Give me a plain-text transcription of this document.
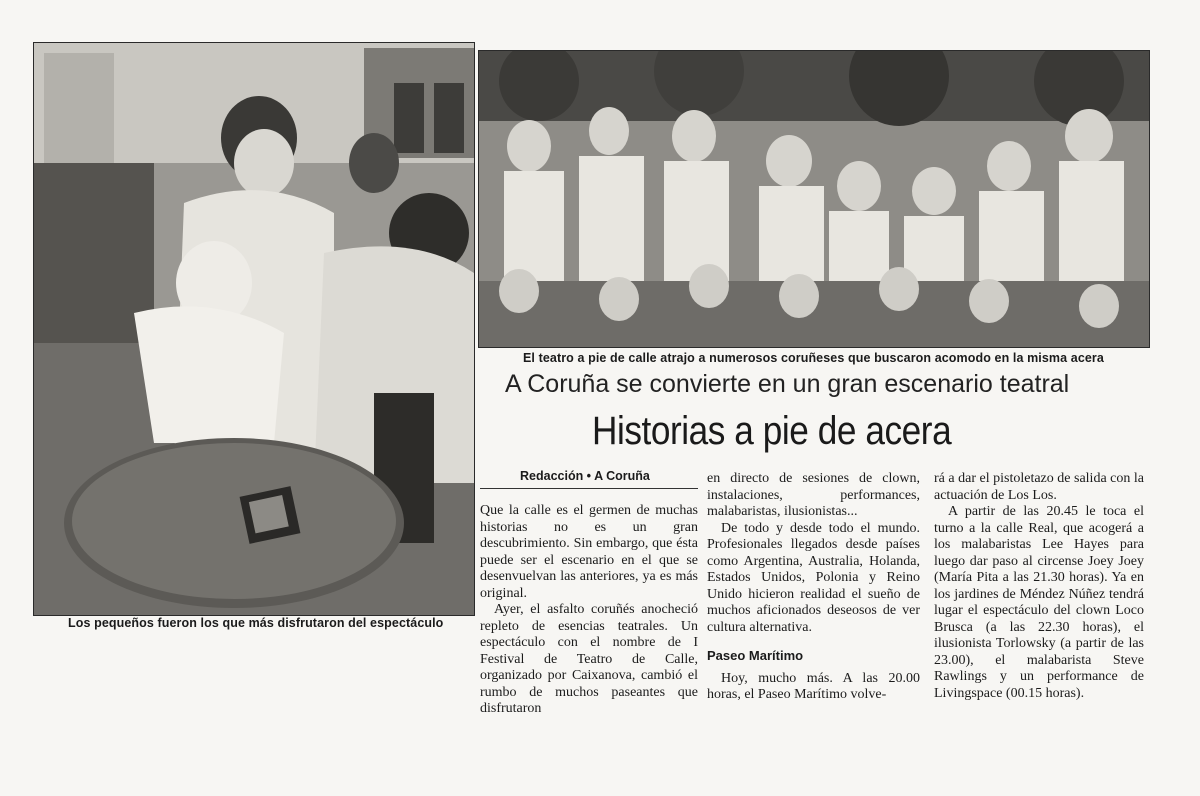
Los pequeños fueron los que más disfrutaron del espectáculo
El teatro a pie de calle atrajo a numerosos coruñeses que buscaron acomodo en la misma acera
A Coruña se convierte en un gran escenario teatral
Historias a pie de acera
Redacción • A Coruña

Que la calle es el germen de muchas historias no es un gran descubrimiento. Sin embargo, que ésta puede ser el escenario en el que se desenvuelvan las anteriores, ya es más original.

Ayer, el asfalto coruñés anocheció repleto de esencias teatrales. Un espectáculo con el nombre de I Festival de Teatro de Calle, organizado por Caixanova, cambió el rumbo de muchos paseantes que disfrutaron

en directo de sesiones de clown, instalaciones, performances, malabaristas, ilusionistas...

De todo y desde todo el mundo. Profesionales llegados desde países como Argentina, Australia, Holanda, Estados Unidos, Polonia y Reino Unido hicieron realidad el sueño de muchos aficionados deseosos de ver cultura alternativa.

Paseo Marítimo

Hoy, mucho más. A las 20.00 horas, el Paseo Marítimo volve-

rá a dar el pistoletazo de salida con la actuación de Los Los.

A partir de las 20.45 le toca el turno a la calle Real, que acogerá a los malabaristas Lee Hayes para luego dar paso al circense Joey Joey (María Pita a las 21.30 horas). Ya en los jardines de Méndez Núñez tendrá lugar el espectáculo del clown Loco Brusca (a las 22.30 horas), el ilusionista Torlowsky (a partir de las 23.00), el malabarista Steve Rawlings y un performance de Livingspace (00.15 horas).
